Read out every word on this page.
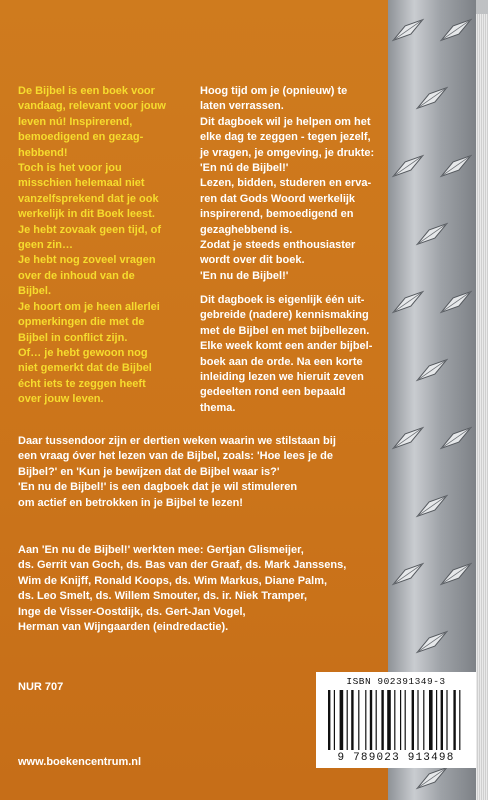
De Bijbel is een boek voor
vandaag, relevant voor jouw
leven nú! Inspirerend,
bemoedigend en gezag-
hebbend!
Toch is het voor jou
misschien helemaal niet
vanzelfsprekend dat je ook
werkelijk in dit Boek leest.
Je hebt zovaak geen tijd, of
geen zin…
Je hebt nog zoveel vragen
over de inhoud van de
Bijbel.
Je hoort om je heen allerlei
opmerkingen die met de
Bijbel in conflict zijn.
Of… je hebt gewoon nog
niet gemerkt dat de Bijbel
écht iets te zeggen heeft
over jouw leven.

Hoog tijd om je (opnieuw) te
laten verrassen.
Dit dagboek wil je helpen om het
elke dag te zeggen - tegen jezelf,
je vragen, je omgeving, je drukte:
'En nú de Bijbel!'
Lezen, bidden, studeren en erva-
ren dat Gods Woord werkelijk
inspirerend, bemoedigend en
gezaghebbend is.
Zodat je steeds enthousiaster
wordt over dit boek.
'En nu de Bijbel!'

Dit dagboek is eigenlijk één uit-
gebreide (nadere) kennismaking
met de Bijbel en met bijbellezen.
Elke week komt een ander bijbel-
boek aan de orde. Na een korte
inleiding lezen we hieruit zeven
gedeelten rond een bepaald
thema.

Daar tussendoor zijn er dertien weken waarin we stilstaan bij
een vraag óver het lezen van de Bijbel, zoals: 'Hoe lees je de
Bijbel?' en 'Kun je bewijzen dat de Bijbel waar is?'
'En nu de Bijbel!' is een dagboek dat je wil stimuleren
om actief en betrokken in je Bijbel te lezen!

Aan 'En nu de Bijbel!' werkten mee: Gertjan Glismeijer,
ds. Gerrit van Goch, ds. Bas van der Graaf, ds. Mark Janssens,
Wim de Knijff, Ronald Koops, ds. Wim Markus, Diane Palm,
ds. Leo Smelt, ds. Willem Smouter, ds. ir. Niek Tramper,
Inge de Visser-Oostdijk, ds. Gert-Jan Vogel,
Herman van Wijngaarden (eindredactie).

NUR 707

www.boekencentrum.nl

ISBN 902391349-3

9 789023 913498
